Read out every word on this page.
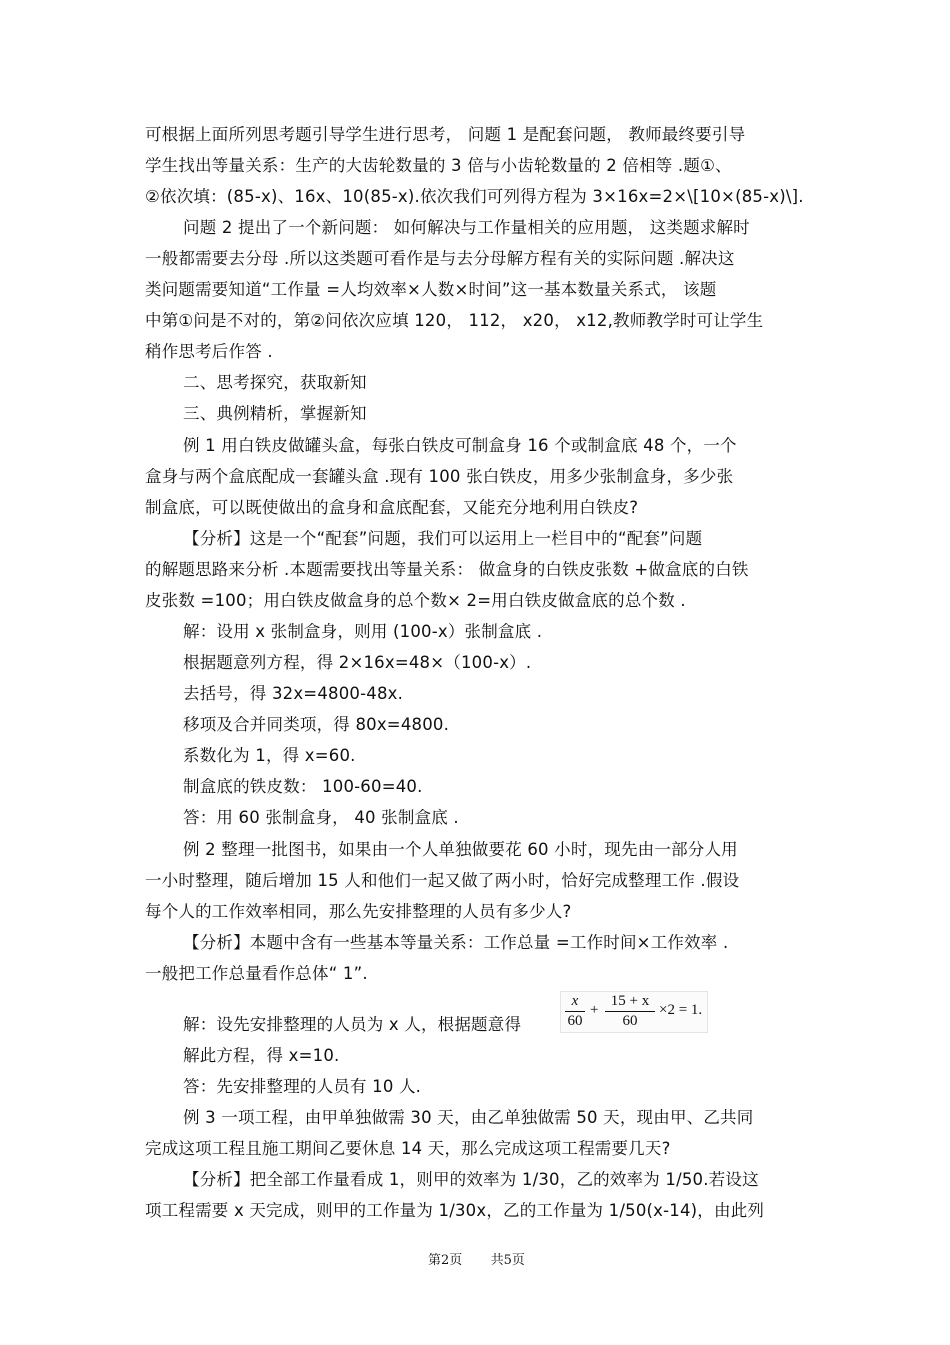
可根据上面所列思考题引导学生进行思考， 问题 1 是配套问题， 教师最终要引导
学生找出等量关系：生产的大齿轮数量的 3 倍与小齿轮数量的 2 倍相等 .题①、
②依次填：(85-x)、16x、10(85-x).依次我们可列得方程为 3×16x=2×\[10×(85-x)\].
问题 2 提出了一个新问题： 如何解决与工作量相关的应用题， 这类题求解时
一般都需要去分母 .所以这类题可看作是与去分母解方程有关的实际问题 .解决这
类问题需要知道“工作量 =人均效率×人数×时间”这一基本数量关系式， 该题
中第①问是不对的，第②问依次应填 120， 112， x20， x12,教师教学时可让学生
稍作思考后作答 .
二、思考探究，获取新知
三、典例精析，掌握新知
例 1 用白铁皮做罐头盒，每张白铁皮可制盒身 16 个或制盒底 48 个，一个
盒身与两个盒底配成一套罐头盒 .现有 100 张白铁皮，用多少张制盒身，多少张
制盒底，可以既使做出的盒身和盒底配套，又能充分地利用白铁皮?
【分析】这是一个“配套”问题，我们可以运用上一栏目中的“配套”问题
的解题思路来分析 .本题需要找出等量关系： 做盒身的白铁皮张数 +做盒底的白铁
皮张数 =100；用白铁皮做盒身的总个数× 2=用白铁皮做盒底的总个数 .
解：设用 x 张制盒身，则用 (100-x）张制盒底 .
根据题意列方程，得 2×16x=48×（100-x）.
去括号，得 32x=4800-48x.
移项及合并同类项，得 80x=4800.
系数化为 1，得 x=60.
制盒底的铁皮数： 100-60=40.
答：用 60 张制盒身， 40 张制盒底 .
例 2 整理一批图书，如果由一个人单独做要花 60 小时，现先由一部分人用
一小时整理，随后增加 15 人和他们一起又做了两小时，恰好完成整理工作 .假设
每个人的工作效率相同，那么先安排整理的人员有多少人?
【分析】本题中含有一些基本等量关系：工作总量 =工作时间×工作效率 .
一般把工作总量看作总体“ 1”.
解：设先安排整理的人员为 x 人，根据题意得
解此方程，得 x=10.
答：先安排整理的人员有 10 人.
例 3 一项工程，由甲单独做需 30 天，由乙单独做需 50 天，现由甲、乙共同
完成这项工程且施工期间乙要休息 14 天，那么完成这项工程需要几天?
【分析】把全部工作量看成 1，则甲的效率为 1/30，乙的效率为 1/50.若设这
项工程需要 x 天完成，则甲的工作量为 1/30x，乙的工作量为 1/50(x-14)，由此列
x
60
+
15 + x
60
×2 = 1.
第2页 共5页
